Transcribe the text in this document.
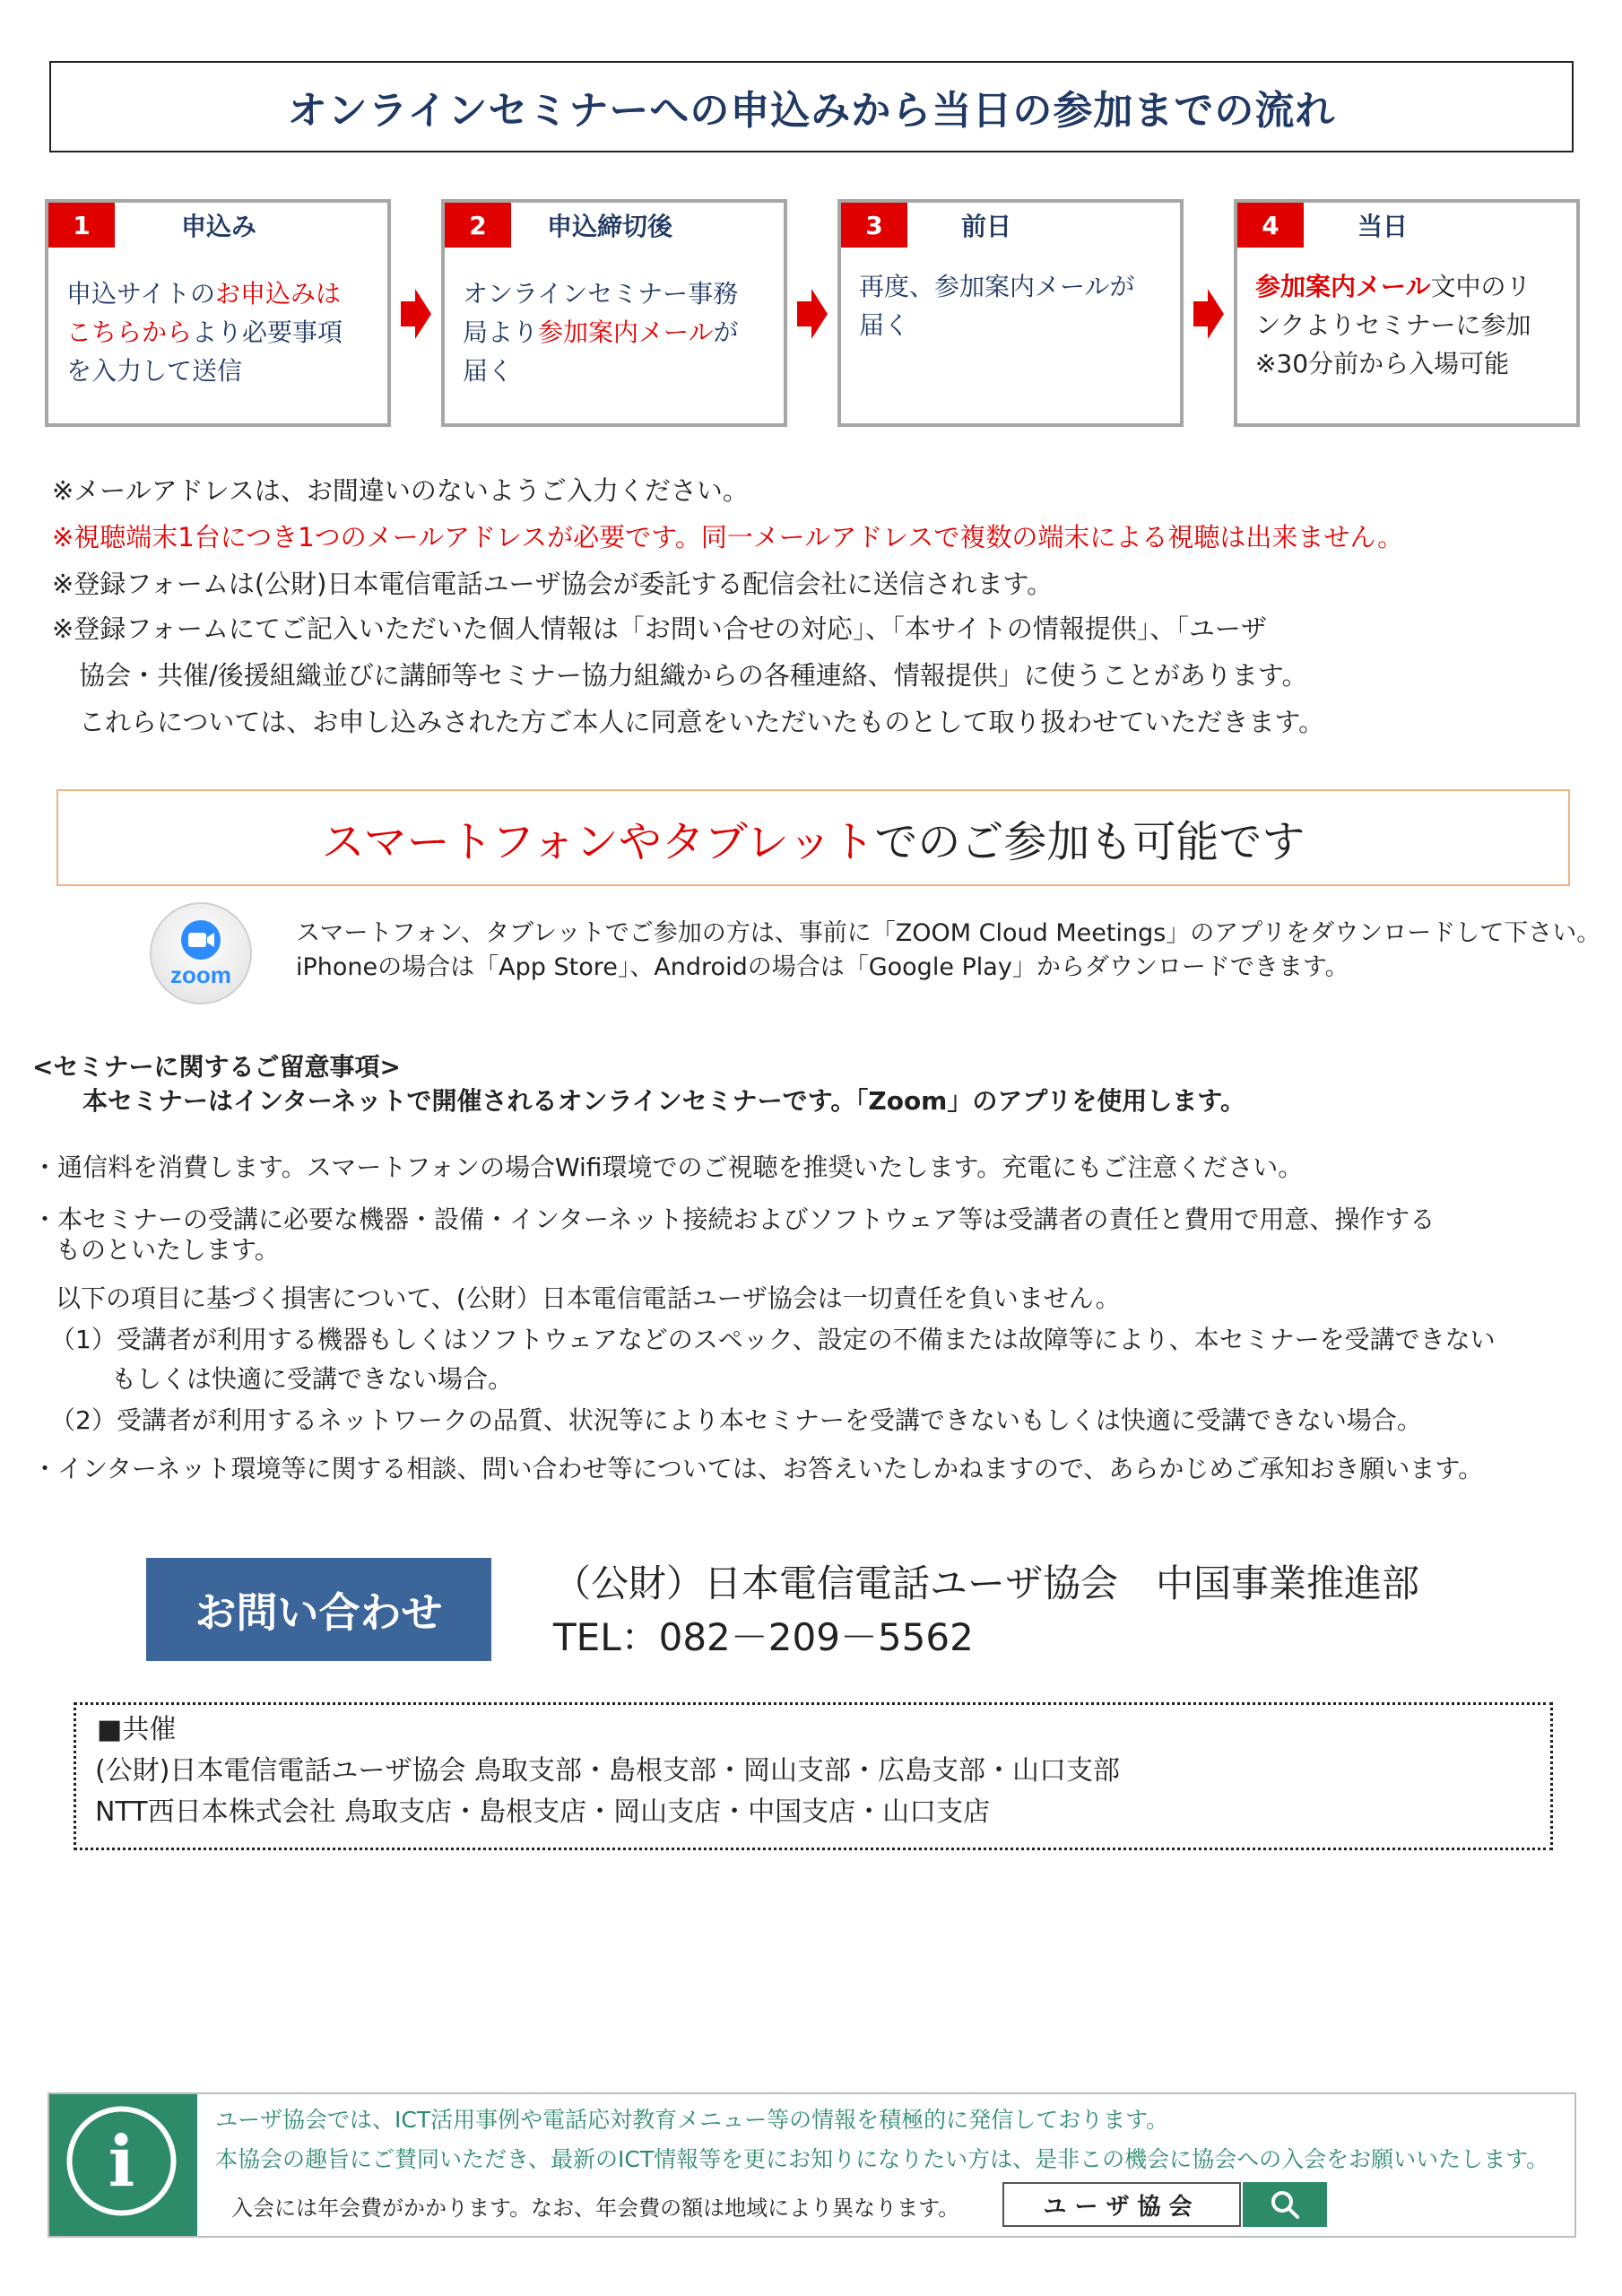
オンラインセミナーへの申込みから当日の参加までの流れ
1	申込み
申込サイトのお申込みは
こちらからより必要事項
を入力して送信
2	申込締切後
オンラインセミナー事務
局より参加案内メールが
届く
3	前日
再度、参加案内メールが
届く
4	当日
参加案内メール文中のリ
ンクよりセミナーに参加
※30分前から入場可能
※メールアドレスは、お間違いのないようご入力ください。
※視聴端末1台につき1つのメールアドレスが必要です。同一メールアドレスで複数の端末による視聴は出来ません。
※登録フォームは(公財)日本電信電話ユーザ協会が委託する配信会社に送信されます。
※登録フォームにてご記入いただいた個人情報は「お問い合せの対応」、「本サイトの情報提供」、「ユーザ
協会・共催/後援組織並びに講師等セミナー協力組織からの各種連絡、情報提供」に使うことがあります。
これらについては、お申し込みされた方ご本人に同意をいただいたものとして取り扱わせていただきます。
スマートフォンやタブレット でのご参加も可能です
zoom
スマートフォン、タブレットでご参加の方は、事前に「ZOOM Cloud Meetings」のアプリをダウンロードして下さい。
iPhoneの場合は「App Store」、Androidの場合は「Google Play」からダウンロードできます。
<セミナーに関するご留意事項>
本セミナーはインターネットで開催されるオンラインセミナーです。「Zoom」のアプリを使用します。
・通信料を消費します。スマートフォンの場合Wifi環境でのご視聴を推奨いたします。充電にもご注意ください。
・本セミナーの受講に必要な機器・設備・インターネット接続およびソフトウェア等は受講者の責任と費用で用意、操作する
ものといたします。
以下の項目に基づく損害について、(公財）日本電信電話ユーザ協会は一切責任を負いません。
（1）受講者が利用する機器もしくはソフトウェアなどのスペック、設定の不備または故障等により、本セミナーを受講できない
もしくは快適に受講できない場合。
（2）受講者が利用するネットワークの品質、状況等により本セミナーを受講できないもしくは快適に受講できない場合。
・インターネット環境等に関する相談、問い合わせ等については、お答えいたしかねますので、あらかじめご承知おき願います。
お問い合わせ
（公財）日本電信電話ユーザ協会　中国事業推進部
TEL：082－209－5562
■共催
(公財)日本電信電話ユーザ協会 鳥取支部・島根支部・岡山支部・広島支部・山口支部
NTT西日本株式会社 鳥取支店・島根支店・岡山支店・中国支店・山口支店
i
ユーザ協会では、ICT活用事例や電話応対教育メニュー等の情報を積極的に発信しております。
本協会の趣旨にご賛同いただき、最新のICT情報等を更にお知りになりたい方は、是非この機会に協会への入会をお願いいたします。
入会には年会費がかかります。なお、年会費の額は地域により異なります。	ユーザ協会
